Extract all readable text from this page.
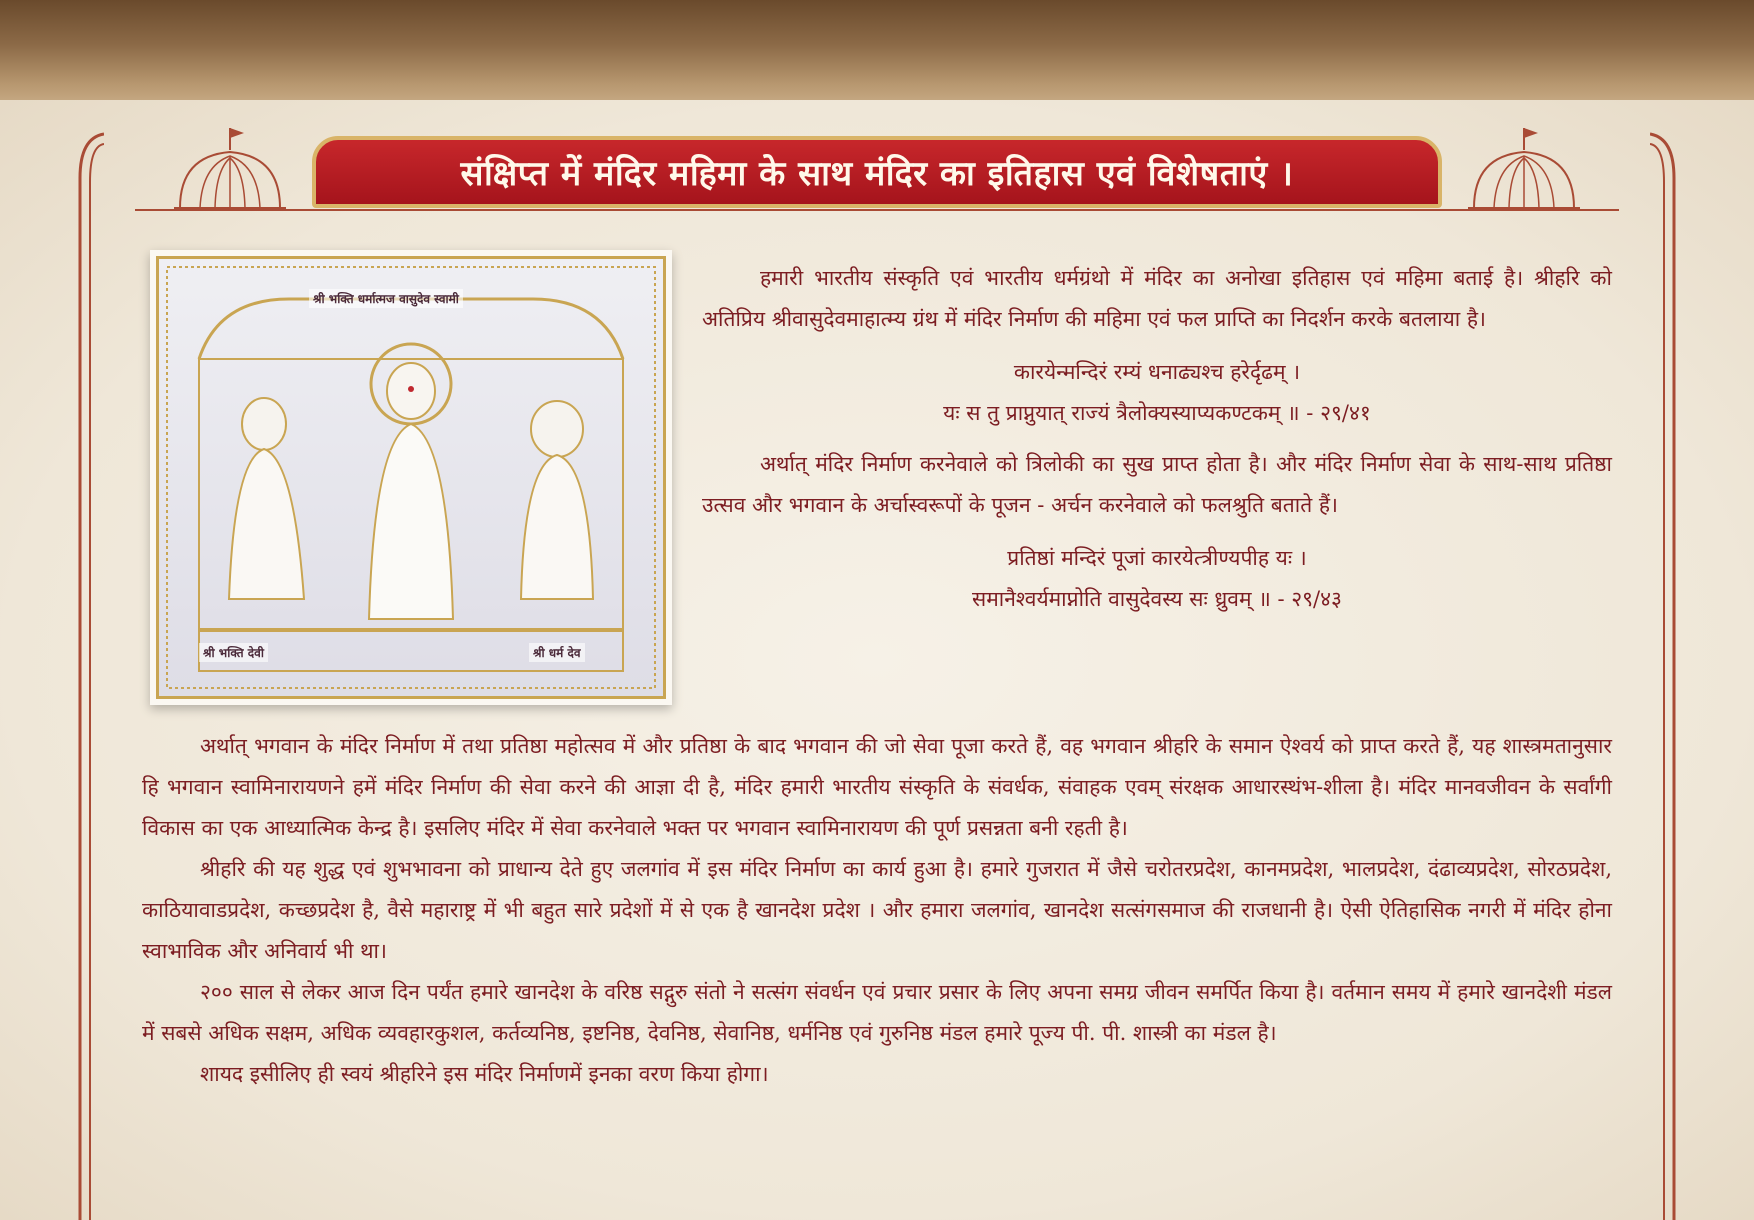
संक्षिप्त में मंदिर महिमा के साथ मंदिर का इतिहास एवं विशेषताएं ।
श्री भक्ति धर्मात्मज वासुदेव स्वामी
श्री भक्ति देवी	श्री धर्म देव

हमारी भारतीय संस्कृति एवं भारतीय धर्मग्रंथो में मंदिर का अनोखा इतिहास एवं महिमा बताई है। श्रीहरि को अतिप्रिय श्रीवासुदेवमाहात्म्य ग्रंथ में मंदिर निर्माण की महिमा एवं फल प्राप्ति का निदर्शन करके बतलाया है।

कारयेन्मन्दिरं रम्यं धनाढ्यश्च हरेर्दृढम् ।

यः स तु प्राप्नुयात् राज्यं त्रैलोक्यस्याप्यकण्टकम् ॥ - २९/४१

अर्थात् मंदिर निर्माण करनेवाले को त्रिलोकी का सुख प्राप्त होता है। और मंदिर निर्माण सेवा के साथ-साथ प्रतिष्ठा उत्सव और भगवान के अर्चास्वरूपों के पूजन - अर्चन करनेवाले को फलश्रुति बताते हैं।

प्रतिष्ठां मन्दिरं पूजां कारयेत्त्रीण्यपीह यः ।

समानैश्वर्यमाप्नोति वासुदेवस्य सः ध्रुवम् ॥ - २९/४३

अर्थात् भगवान के मंदिर निर्माण में तथा प्रतिष्ठा महोत्सव में और प्रतिष्ठा के बाद भगवान की जो सेवा पूजा करते हैं, वह भगवान श्रीहरि के समान ऐश्वर्य को प्राप्त करते हैं, यह शास्त्रमतानुसार हि भगवान स्वामिनारायणने हमें मंदिर निर्माण की सेवा करने की आज्ञा दी है, मंदिर हमारी भारतीय संस्कृति के संवर्धक, संवाहक एवम् संरक्षक आधारस्थंभ-शीला है। मंदिर मानवजीवन के सर्वांगी विकास का एक आध्यात्मिक केन्द्र है। इसलिए मंदिर में सेवा करनेवाले भक्त पर भगवान स्वामिनारायण की पूर्ण प्रसन्नता बनी रहती है।

श्रीहरि की यह शुद्ध एवं शुभभावना को प्राधान्य देते हुए जलगांव में इस मंदिर निर्माण का कार्य हुआ है। हमारे गुजरात में जैसे चरोतरप्रदेश, कानमप्रदेश, भालप्रदेश, दंढाव्यप्रदेश, सोरठप्रदेश, काठियावाडप्रदेश, कच्छप्रदेश है, वैसे महाराष्ट्र में भी बहुत सारे प्रदेशों में से एक है खानदेश प्रदेश । और हमारा जलगांव, खानदेश सत्संगसमाज की राजधानी है। ऐसी ऐतिहासिक नगरी में मंदिर होना स्वाभाविक और अनिवार्य भी था।

२०० साल से लेकर आज दिन पर्यंत हमारे खानदेश के वरिष्ठ सद्गुरु संतो ने सत्संग संवर्धन एवं प्रचार प्रसार के लिए अपना समग्र जीवन समर्पित किया है। वर्तमान समय में हमारे खानदेशी मंडल में सबसे अधिक सक्षम, अधिक व्यवहारकुशल, कर्तव्यनिष्ठ, इष्टनिष्ठ, देवनिष्ठ, सेवानिष्ठ, धर्मनिष्ठ एवं गुरुनिष्ठ मंडल हमारे पूज्य पी. पी. शास्त्री का मंडल है।

शायद इसीलिए ही स्वयं श्रीहरिने इस मंदिर निर्माणमें इनका वरण किया होगा।
